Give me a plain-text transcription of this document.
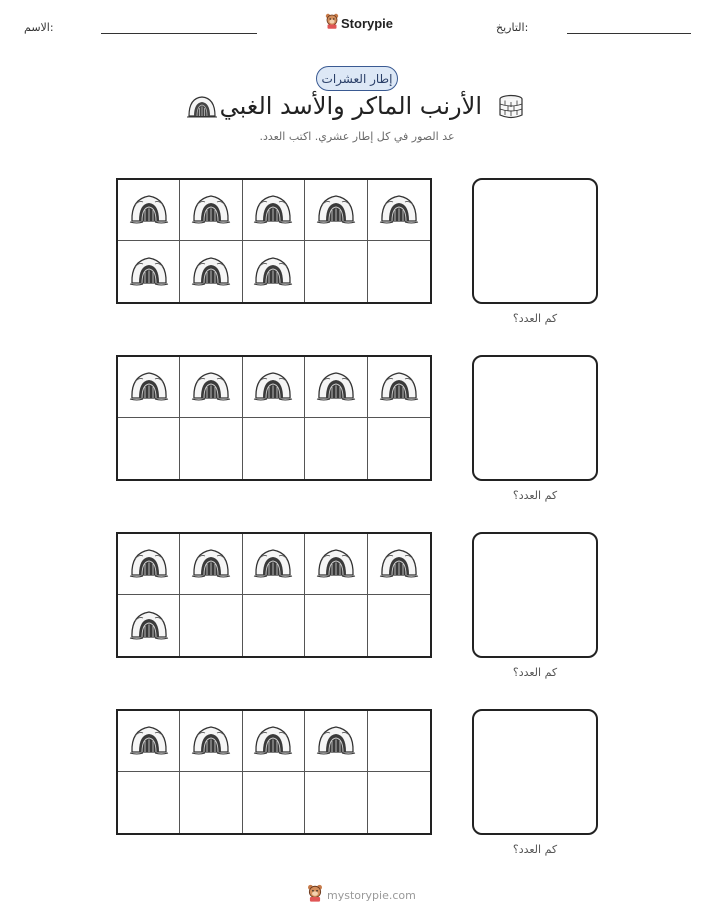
الاسم:	Storypie	التاريخ:
إطار العشرات
الأرنب الماكر والأسد الغبي
عد الصور في كل إطار عشري. اكتب العدد.
كم العدد؟
كم العدد؟
كم العدد؟
كم العدد؟
mystorypie.com
